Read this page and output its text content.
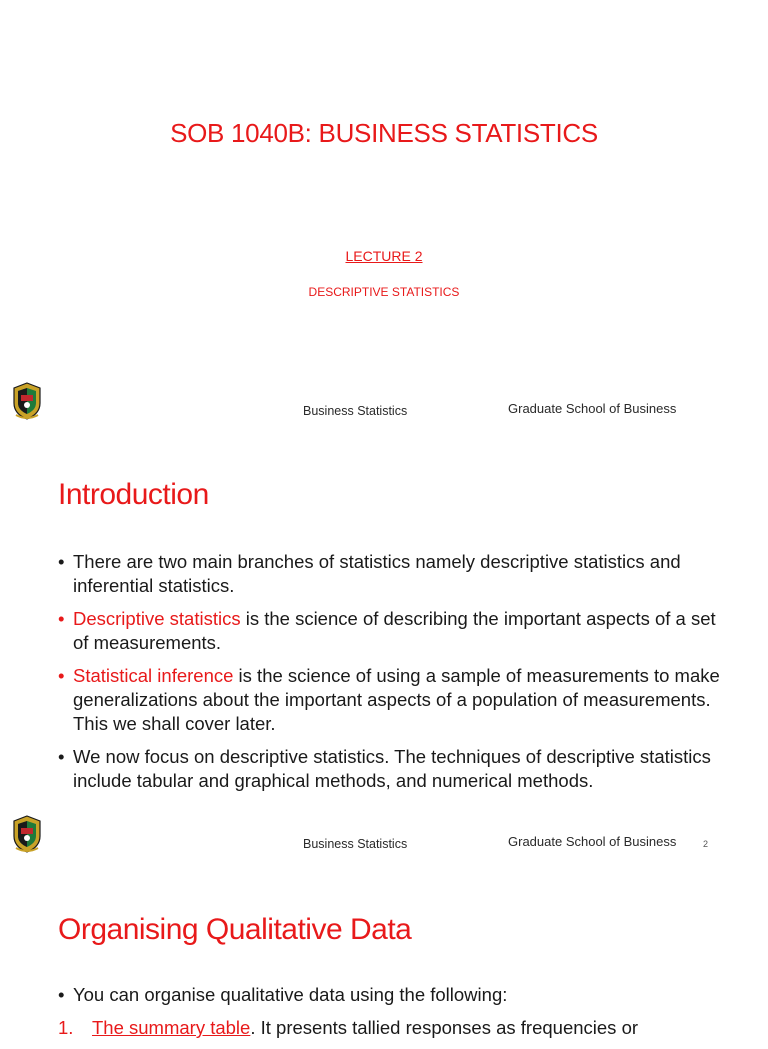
SOB 1040B: BUSINESS STATISTICS
LECTURE 2
DESCRIPTIVE STATISTICS
Business Statistics	Graduate School of Business
Introduction
• There are two main branches of statistics namely descriptive statistics and inferential statistics.
• Descriptive statistics is the science of describing the important aspects of a set of measurements.
• Statistical inference is the science of using a sample of measurements to make generalizations about the important aspects of a population of measurements. This we shall cover later.
• We now focus on descriptive statistics. The techniques of descriptive statistics include tabular and graphical methods, and numerical methods.
Business Statistics	Graduate School of Business	2
Organising Qualitative Data
• You can organise qualitative data using the following:
1. The summary table. It presents tallied responses as frequencies or
